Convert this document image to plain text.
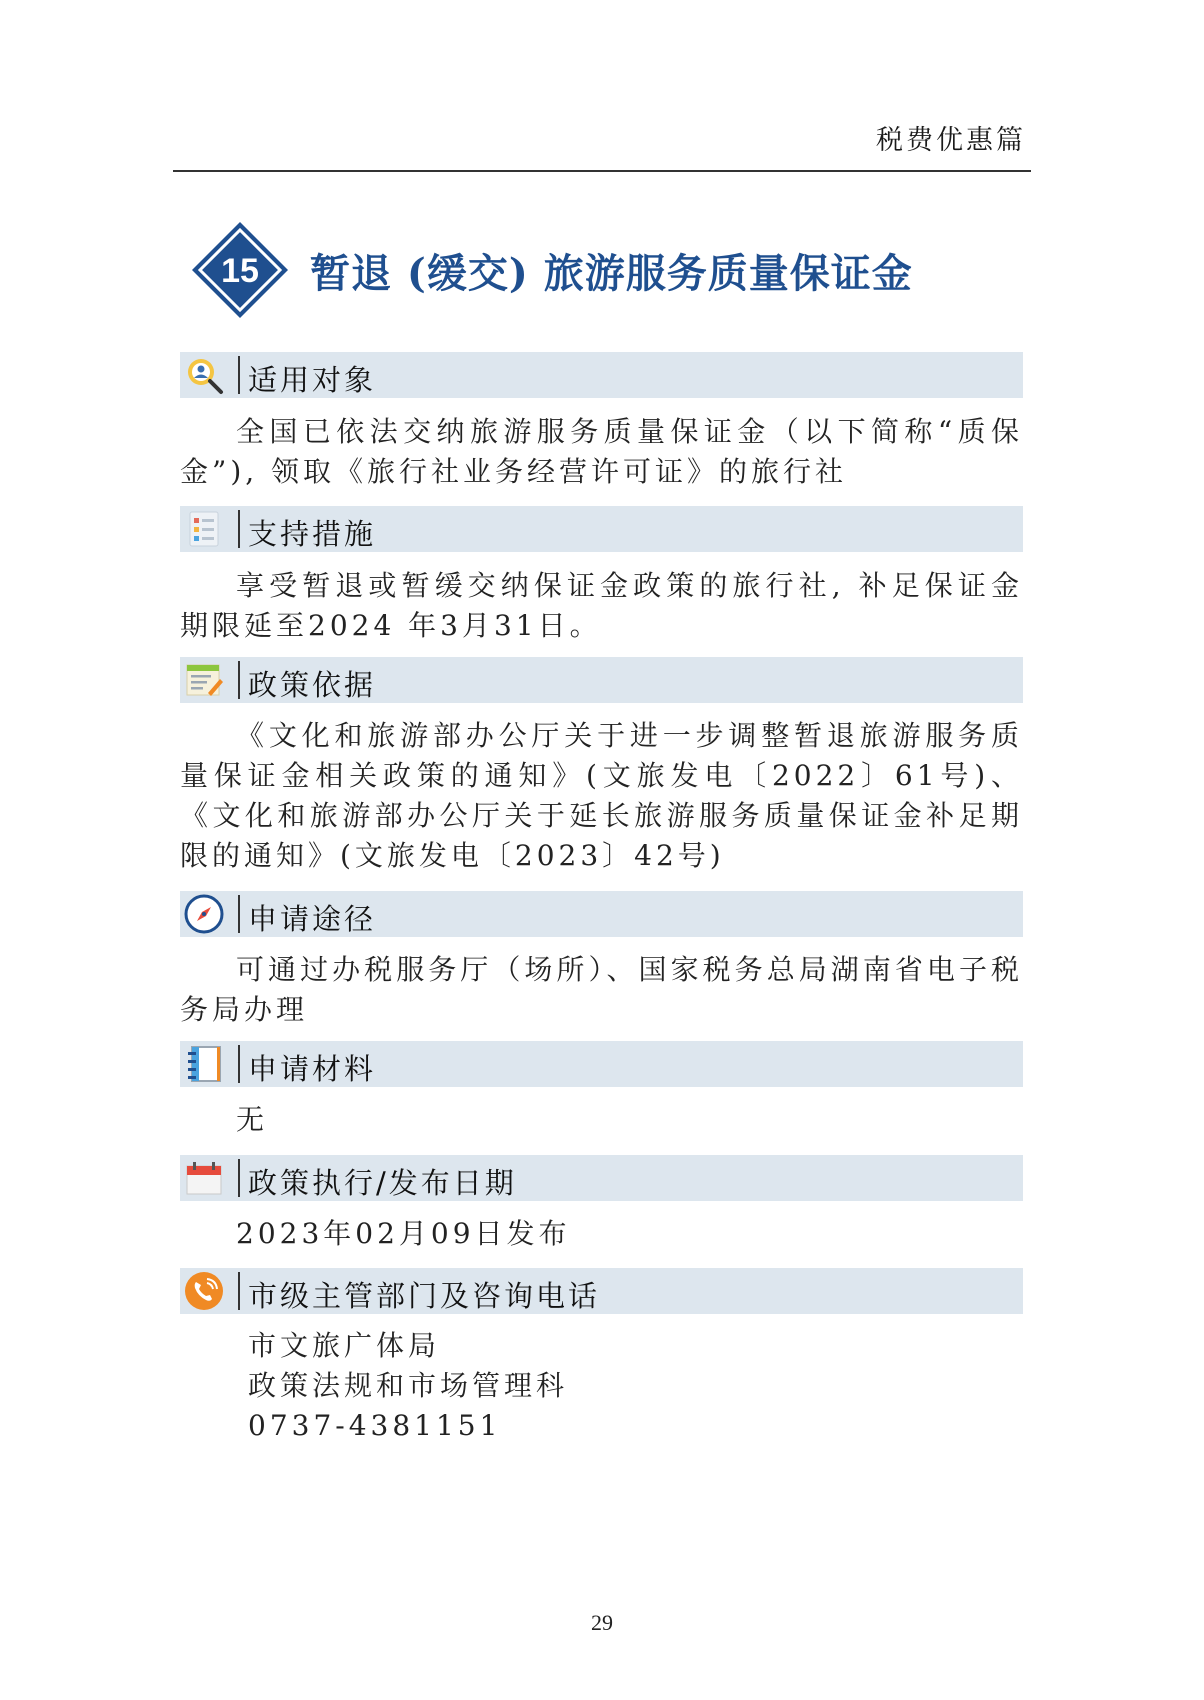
税费优惠篇
15 暂退 (缓交) 旅游服务质量保证金
适用对象

全国已依法交纳旅游服务质量保证金（以下简称“质保金”), 领取《旅行社业务经营许可证》的旅行社

支持措施

享受暂退或暂缓交纳保证金政策的旅行社, 补足保证金期限延至2024 年3月31日。

政策依据

《文化和旅游部办公厅关于进一步调整暂退旅游服务质量保证金相关政策的通知》(文旅发电〔2022〕61号)、《文化和旅游部办公厅关于延长旅游服务质量保证金补足期限的通知》(文旅发电〔2023〕42号)

申请途径

可通过办税服务厅（场所）、国家税务总局湖南省电子税务局办理

申请材料

无

政策执行/发布日期

2023年02月09日发布

市级主管部门及咨询电话
市文旅广体局
政策法规和市场管理科
0737-4381151
29
